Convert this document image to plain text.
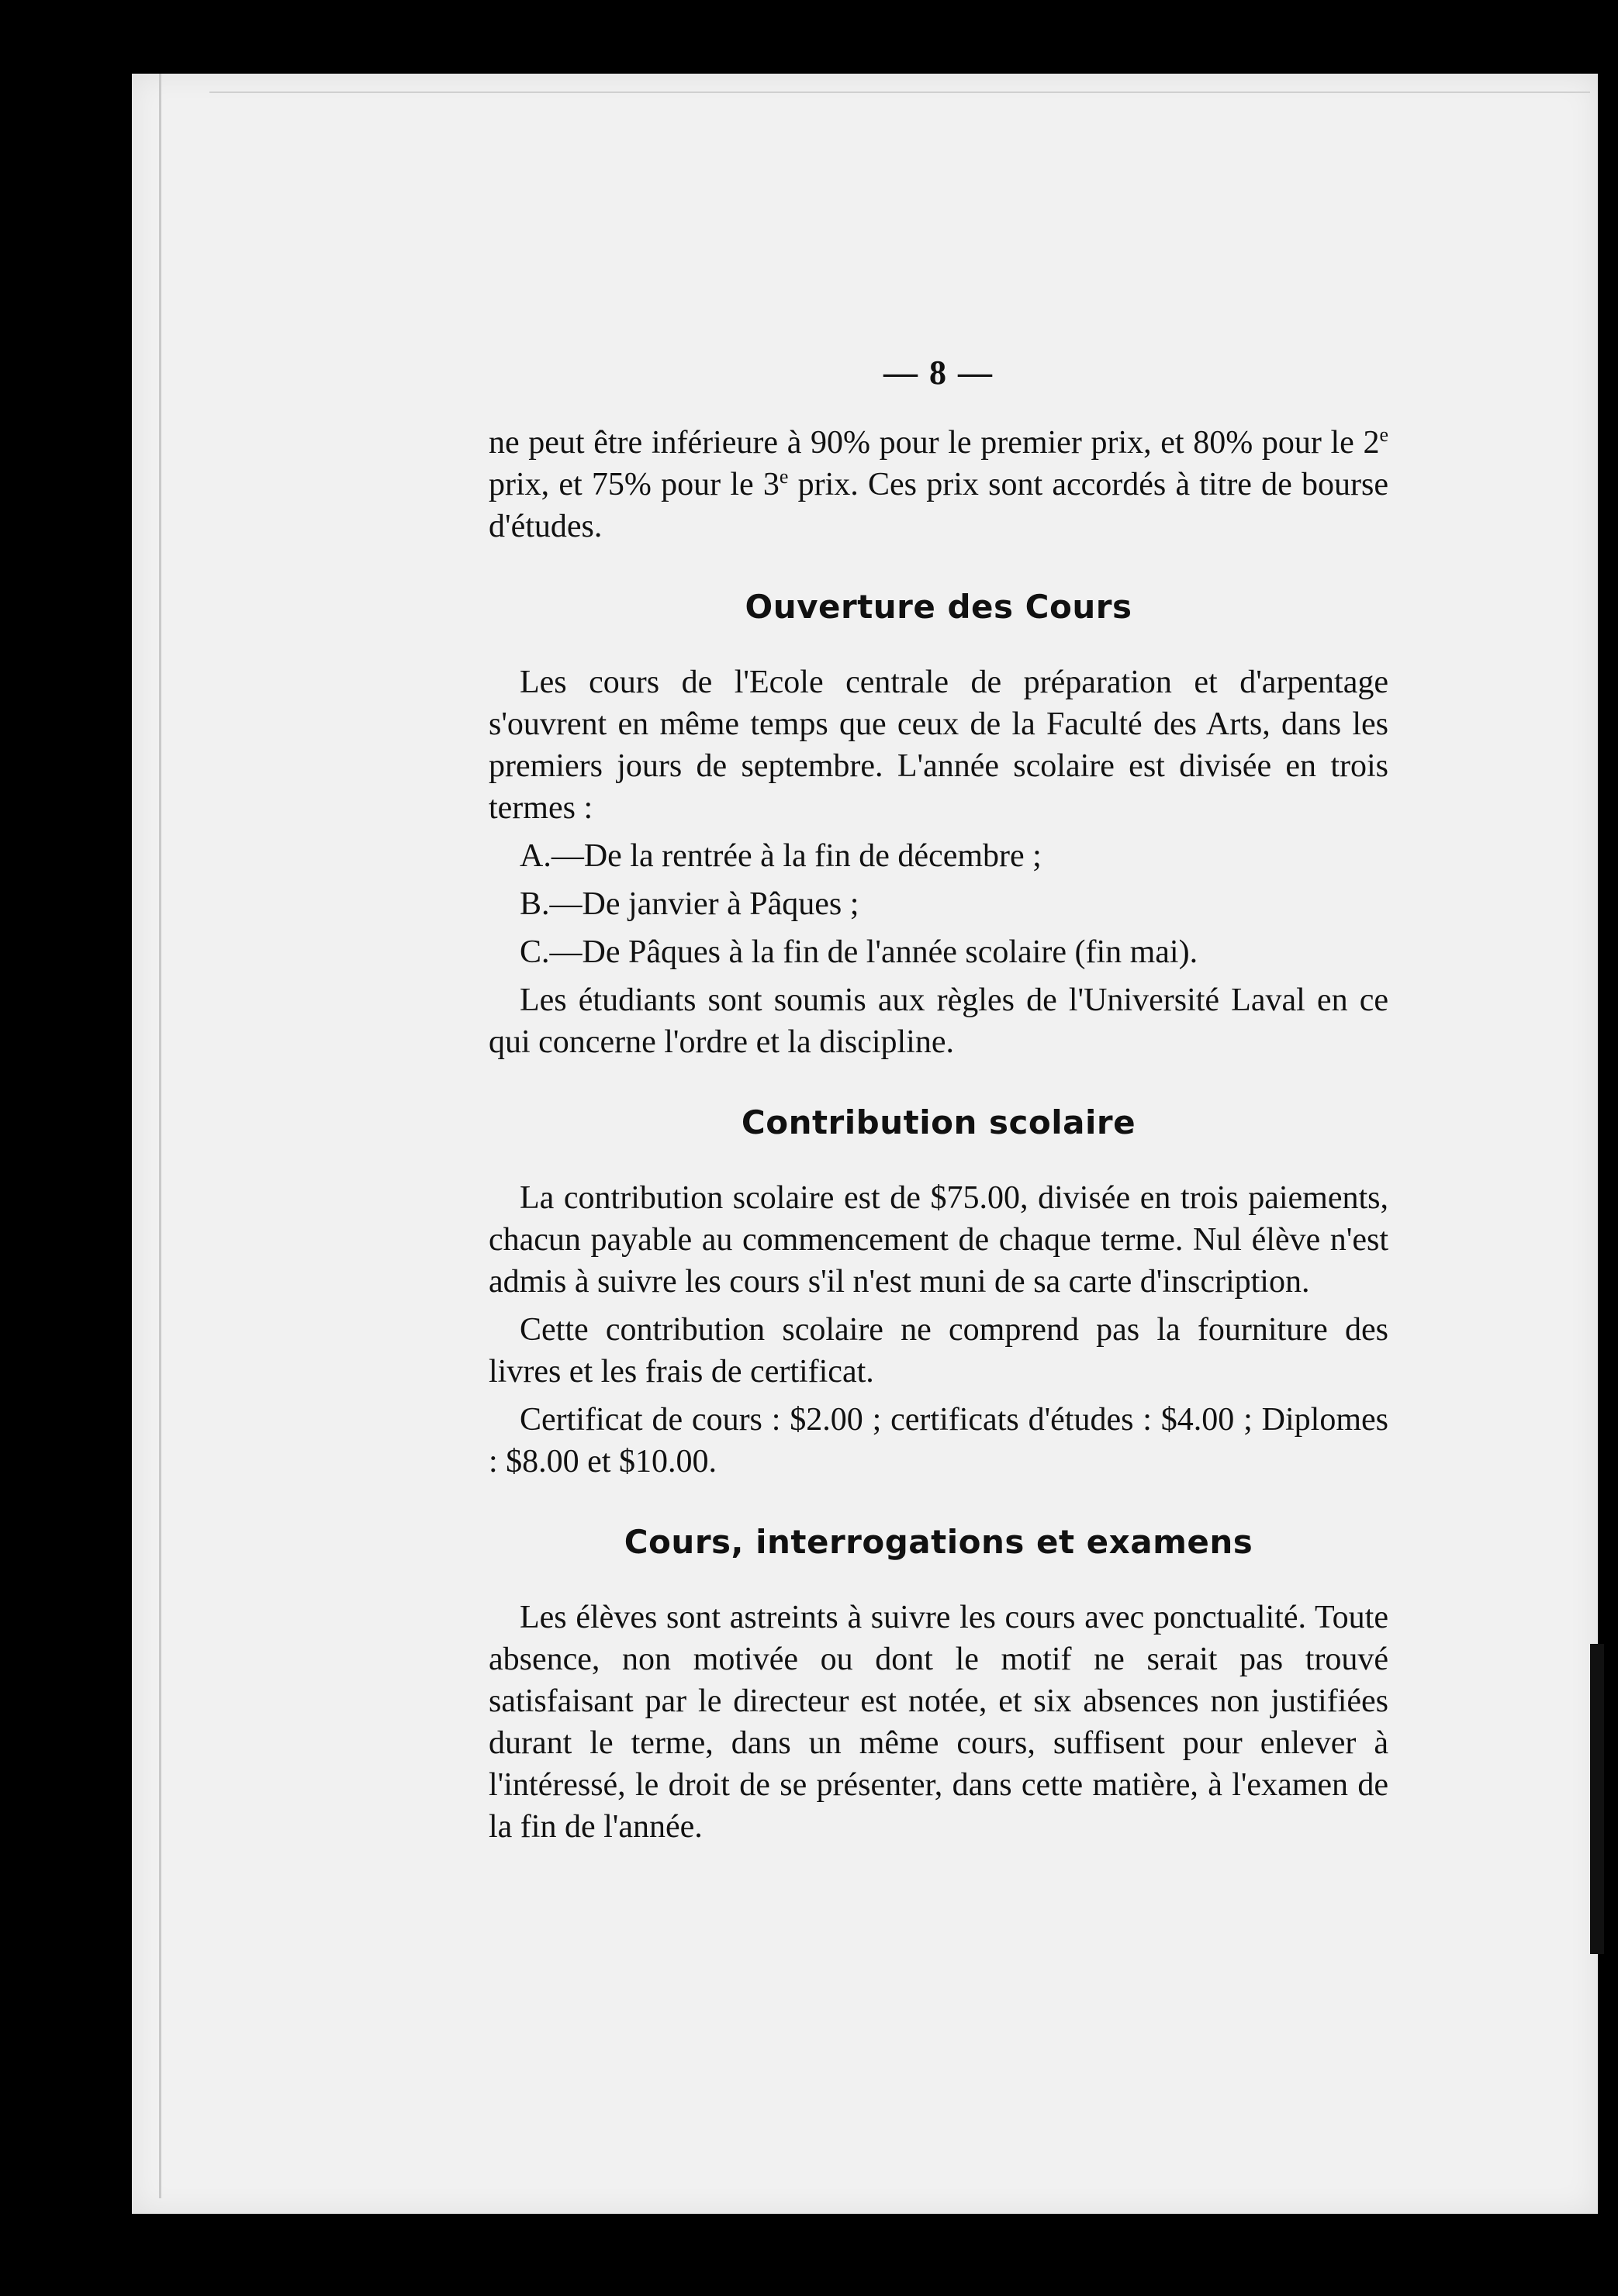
— 8 —

ne peut être inférieure à 90% pour le premier prix, et 80% pour le 2e prix, et 75% pour le 3e prix. Ces prix sont accordés à titre de bourse d'études.

Ouverture des Cours

Les cours de l'Ecole centrale de préparation et d'arpentage s'ouvrent en même temps que ceux de la Faculté des Arts, dans les premiers jours de septembre. L'année scolaire est divisée en trois termes :

A.—De la rentrée à la fin de décembre ;
B.—De janvier à Pâques ;
C.—De Pâques à la fin de l'année scolaire (fin mai).

Les étudiants sont soumis aux règles de l'Université Laval en ce qui concerne l'ordre et la discipline.

Contribution scolaire

La contribution scolaire est de $75.00, divisée en trois paiements, chacun payable au commencement de chaque terme. Nul élève n'est admis à suivre les cours s'il n'est muni de sa carte d'inscription.

Cette contribution scolaire ne comprend pas la fourniture des livres et les frais de certificat.

Certificat de cours : $2.00 ; certificats d'études : $4.00 ; Diplomes : $8.00 et $10.00.

Cours, interrogations et examens

Les élèves sont astreints à suivre les cours avec ponctualité. Toute absence, non motivée ou dont le motif ne serait pas trouvé satisfaisant par le directeur est notée, et six absences non justifiées durant le terme, dans un même cours, suffisent pour enlever à l'intéressé, le droit de se présenter, dans cette matière, à l'examen de la fin de l'année.
